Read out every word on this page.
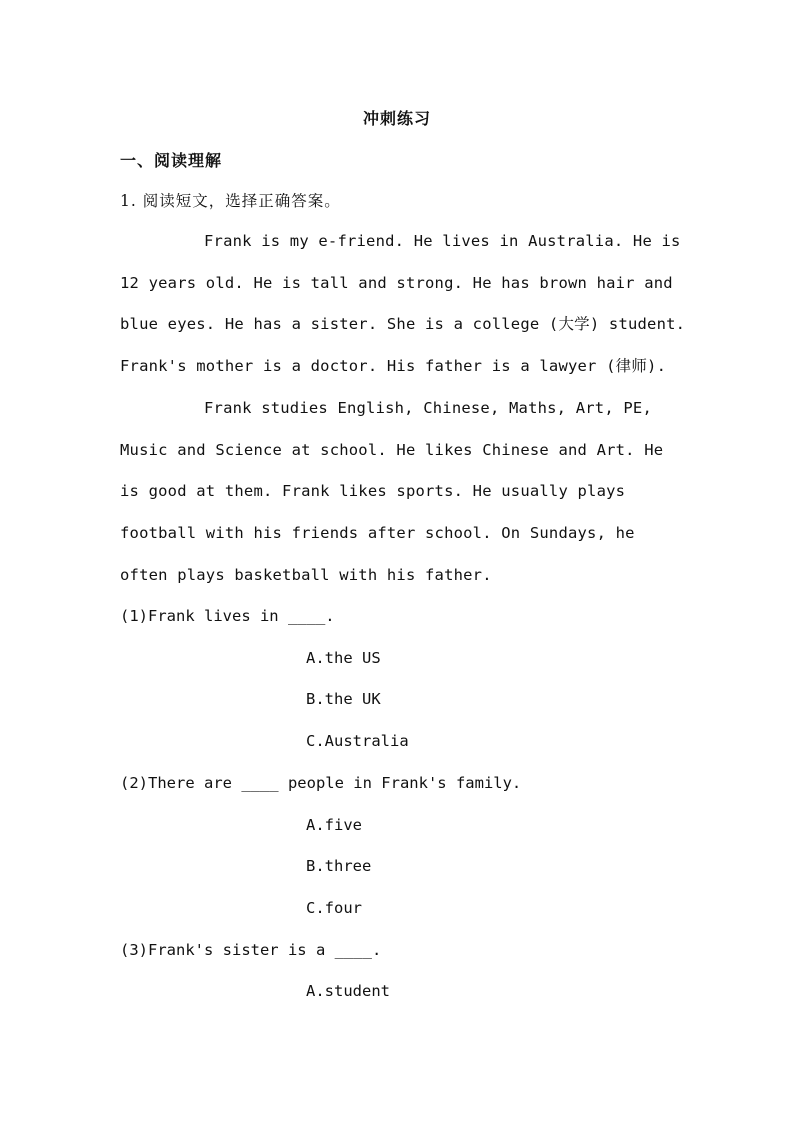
冲刺练习
一、阅读理解
1. 阅读短文，选择正确答案。
Frank is my e-friend. He lives in Australia. He is
12 years old. He is tall and strong. He has brown hair and
blue eyes. He has a sister. She is a college (大学) student.
Frank's mother is a doctor. His father is a lawyer (律师).
Frank studies English, Chinese, Maths, Art, PE,
Music and Science at school. He likes Chinese and Art. He
is good at them. Frank likes sports. He usually plays
football with his friends after school. On Sundays, he
often plays basketball with his father.
(1)Frank lives in ____.
A.the US
B.the UK
C.Australia
(2)There are ____ people in Frank's family.
A.five
B.three
C.four
(3)Frank's sister is a ____.
A.student
